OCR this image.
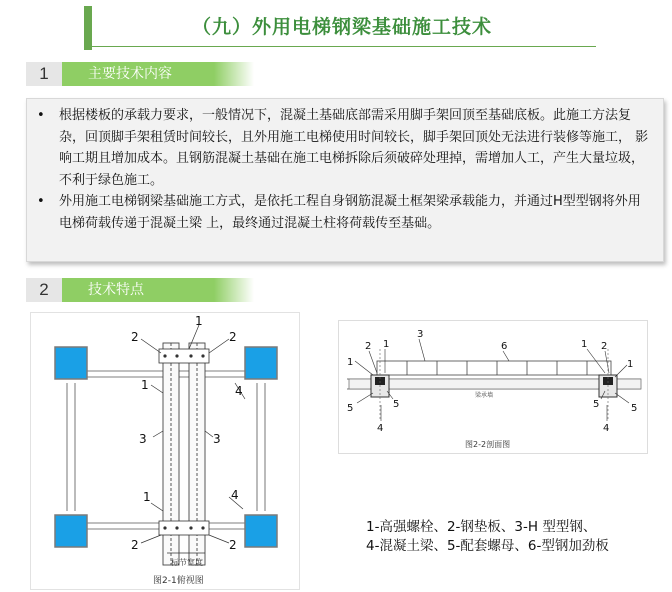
（九）外用电梯钢梁基础施工技术
1	主要技术内容
•	根据楼板的承载力要求，一般情况下，混凝土基础底部需采用脚手架回顶至基础底板。此施工方法复杂，回顶脚手架租赁时间较长，且外用施工电梯使用时间较长，脚手架回顶处无法进行装修等施工， 影响工期且增加成本。且钢筋混凝土基础在施工电梯拆除后须破碎处理掉，需增加人工，产生大量垃圾，不利于绿色施工。
•	外用施工电梯钢梁基础施工方式，是依托工程自身钢筋混凝土框架梁承载能力，并通过H型型钢将外用电梯荷载传递于混凝土梁 上，最终通过混凝土柱将荷载传至基础。
2	技术特点
1
2	2
1	4
3	3
1	4
2	2
标节宽度
图2-1俯视图
1
2 1
3
6	1 2
1
5	5
4
5	5
4
梁承墙
图2-2剖面图
1-高强螺栓、2-钢垫板、3-H 型型钢、
4-混凝土梁、5-配套螺母、6-型钢加劲板
